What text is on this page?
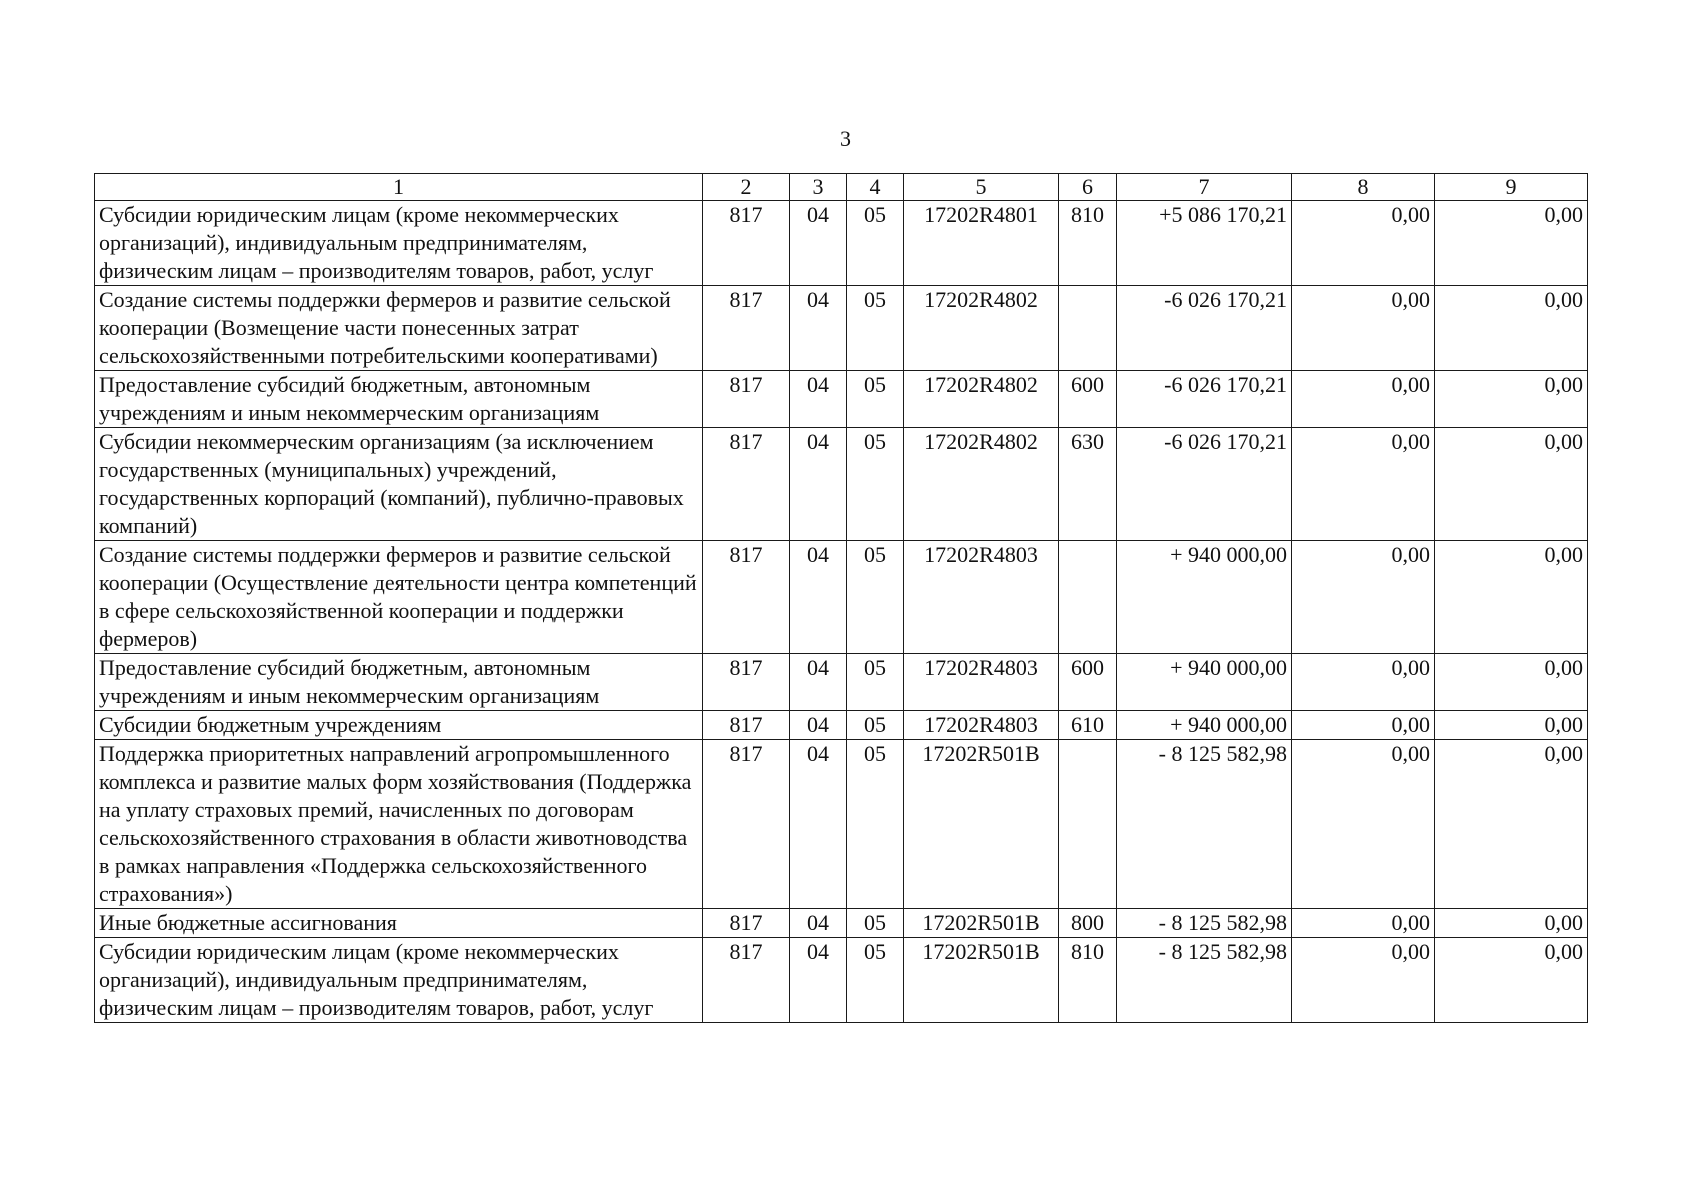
3
1	2	3	4	5	6	7	8	9
Субсидии юридическим лицам (кроме некоммерческих организаций), индивидуальным предпринимателям, физическим лицам – производителям товаров, работ, услуг	817	04	05	17202R4801	810	+5 086 170,21	0,00	0,00
Создание системы поддержки фермеров и развитие сельской кооперации (Возмещение части понесенных затрат сельскохозяйственными потребительскими кооперативами)	817	04	05	17202R4802		-6 026 170,21	0,00	0,00
Предоставление субсидий бюджетным, автономным учреждениям и иным некоммерческим организациям	817	04	05	17202R4802	600	-6 026 170,21	0,00	0,00
Субсидии некоммерческим организациям (за исключением государственных (муниципальных) учреждений, государственных корпораций (компаний), публично-правовых компаний)	817	04	05	17202R4802	630	-6 026 170,21	0,00	0,00
Создание системы поддержки фермеров и развитие сельской кооперации (Осуществление деятельности центра компетенций в сфере сельскохозяйственной кооперации и поддержки фермеров)	817	04	05	17202R4803		+ 940 000,00	0,00	0,00
Предоставление субсидий бюджетным, автономным учреждениям и иным некоммерческим организациям	817	04	05	17202R4803	600	+ 940 000,00	0,00	0,00
Субсидии бюджетным учреждениям	817	04	05	17202R4803	610	+ 940 000,00	0,00	0,00
Поддержка приоритетных направлений агропромышленного комплекса и развитие малых форм хозяйствования (Поддержка на уплату страховых премий, начисленных по договорам сельскохозяйственного страхования в области животноводства в рамках направления «Поддержка сельскохозяйственного страхования»)	817	04	05	17202R501B		- 8 125 582,98	0,00	0,00
Иные бюджетные ассигнования	817	04	05	17202R501B	800	- 8 125 582,98	0,00	0,00
Субсидии юридическим лицам (кроме некоммерческих организаций), индивидуальным предпринимателям, физическим лицам – производителям товаров, работ, услуг	817	04	05	17202R501B	810	- 8 125 582,98	0,00	0,00
